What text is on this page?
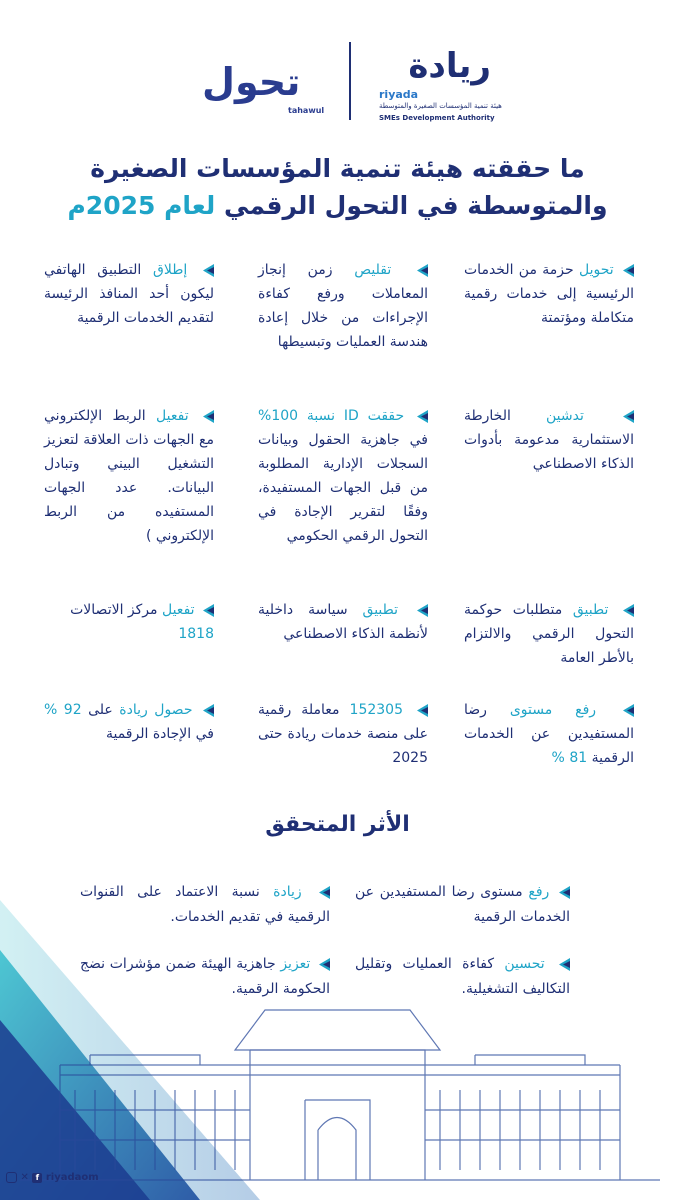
تحول
tahawul
ريادة
riyada
هيئة تنمية المؤسسات الصغيرة والمتوسطة
SMEs Development Authority
ما حققته هيئة تنمية المؤسسات الصغيرة
والمتوسطة في التحول الرقمي لعام 2025م
تحويل حزمة من الخدمات الرئيسية إلى خدمات رقمية متكاملة ومؤتمتة
تقليص زمن إنجاز المعاملات ورفع كفاءة الإجراءات من خلال إعادة هندسة العمليات وتبسيطها
إطلاق التطبيق الهاتفي ليكون أحد المنافذ الرئيسة لتقديم الخدمات الرقمية
تدشين الخارطة الاستثمارية مدعومة بأدوات الذكاء الاصطناعي
حققت ID نسبة 100% في جاهزية الحقول وبيانات السجلات الإدارية المطلوبة من قبل الجهات المستفيدة، وفقًا لتقرير الإجادة في التحول الرقمي الحكومي
تفعيل الربط الإلكتروني مع الجهات ذات العلاقة لتعزيز التشغيل البيني وتبادل البيانات. عدد الجهات المستفيده من الربط الإلكتروني )
تطبيق متطلبات حوكمة التحول الرقمي والالتزام بالأطر العامة
تطبيق سياسة داخلية لأنظمة الذكاء الاصطناعي
تفعيل مركز الاتصالات
1818
رفع مستوى رضا المستفيدين عن الخدمات الرقمية 81 %
152305 معاملة رقمية على منصة خدمات ريادة حتى 2025
حصول ريادة على 92 % في الإجادة الرقمية
الأثر المتحقق
رفع مستوى رضا المستفيدين عن الخدمات الرقمية
زيادة نسبة الاعتماد على القنوات الرقمية في تقديم الخدمات.
تحسين كفاءة العمليات وتقليل التكاليف التشغيلية.
تعزيز جاهزية الهيئة ضمن مؤشرات نضج الحكومة الرقمية.
✕ f riyadaom
